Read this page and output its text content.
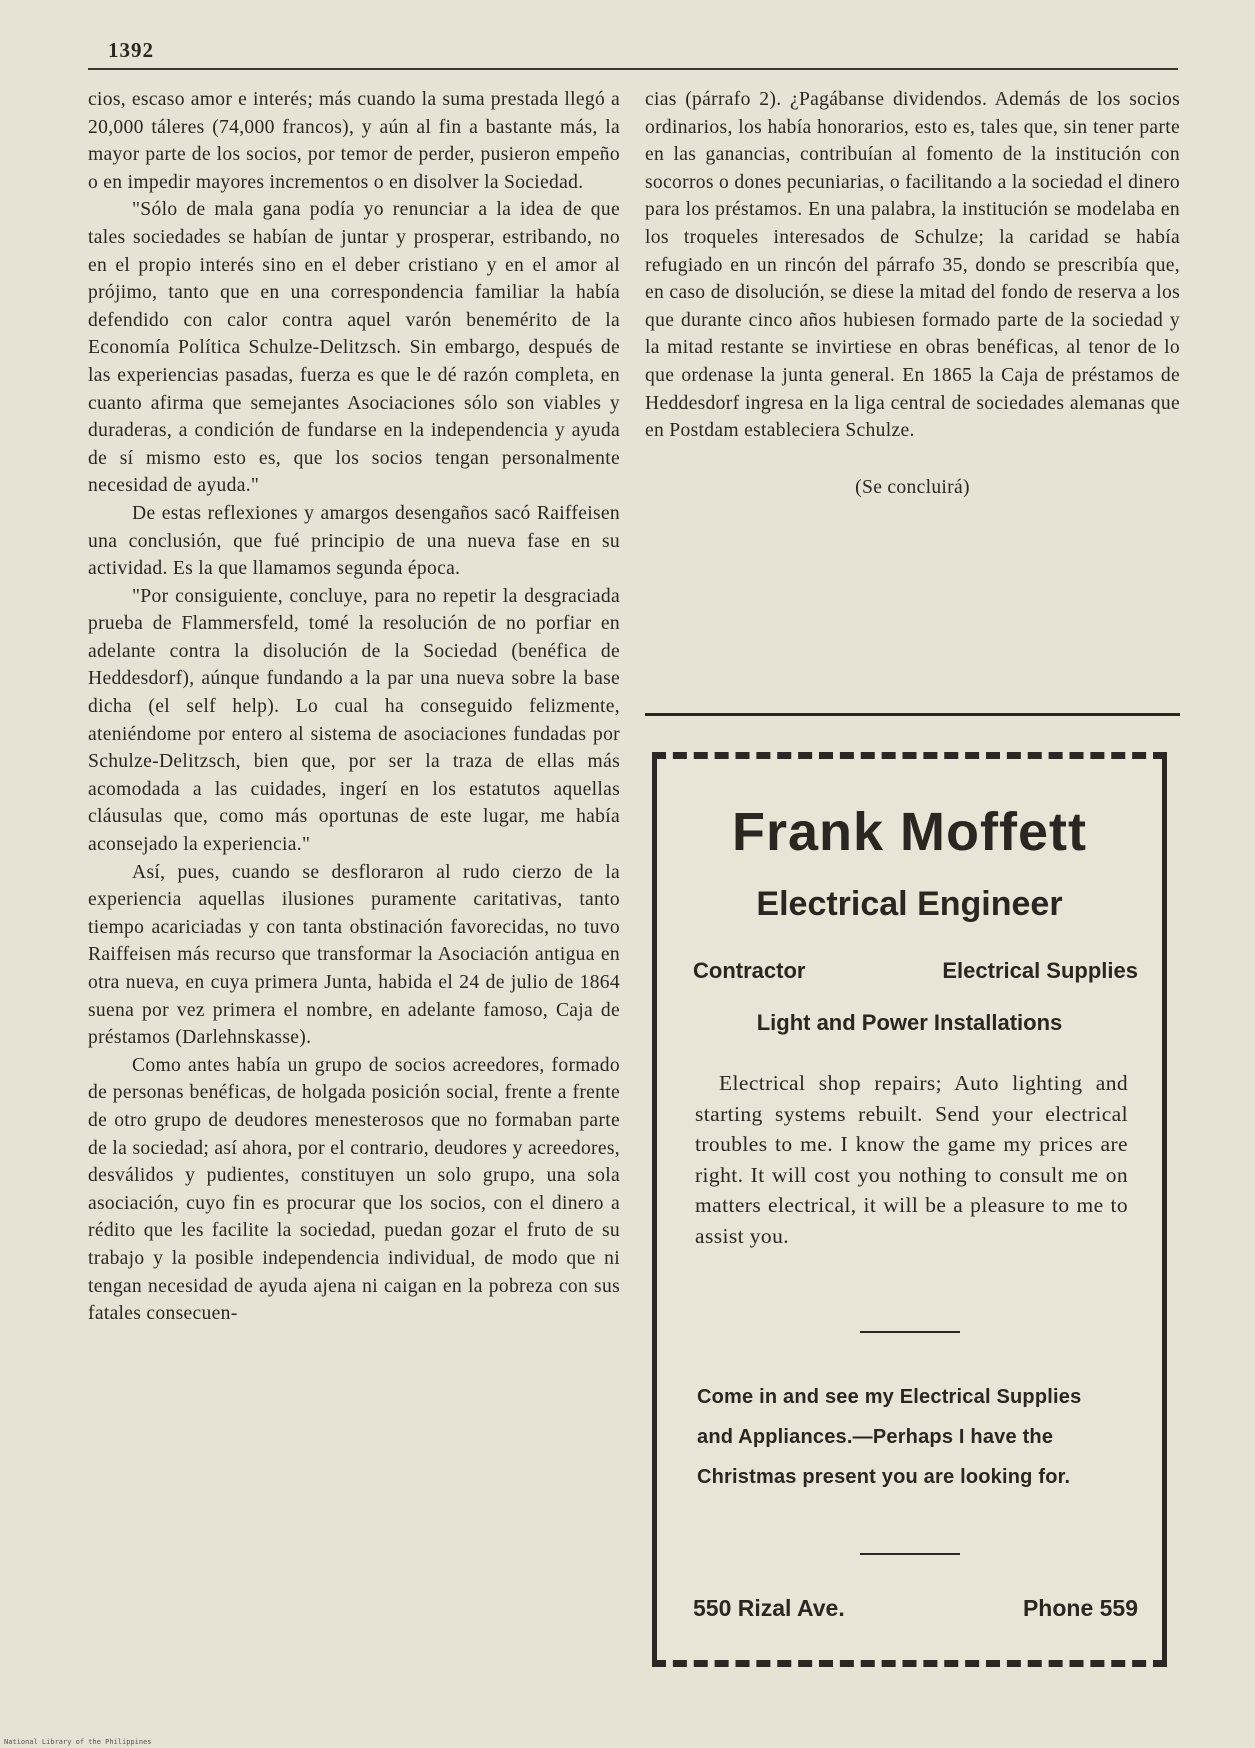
1392

cios, escaso amor e interés; más cuando la suma prestada llegó a 20,000 táleres (74,000 francos), y aún al fin a bastante más, la mayor parte de los socios, por temor de perder, pusieron empeño o en impedir mayores incrementos o en disolver la Sociedad.

"Sólo de mala gana podía yo renunciar a la idea de que tales sociedades se habían de juntar y prosperar, estribando, no en el propio interés sino en el deber cristiano y en el amor al prójimo, tanto que en una correspondencia familiar la había defendido con calor contra aquel varón benemérito de la Economía Política Schulze-Delitzsch. Sin embargo, después de las experiencias pasadas, fuerza es que le dé razón completa, en cuanto afirma que semejantes Asociaciones sólo son viables y duraderas, a condición de fundarse en la independencia y ayuda de sí mismo esto es, que los socios tengan personalmente necesidad de ayuda."

De estas reflexiones y amargos desengaños sacó Raiffeisen una conclusión, que fué principio de una nueva fase en su actividad. Es la que llamamos segunda época.

"Por consiguiente, concluye, para no repetir la desgraciada prueba de Flammersfeld, tomé la resolución de no porfiar en adelante contra la disolución de la Sociedad (benéfica de Heddesdorf), aúnque fundando a la par una nueva sobre la base dicha (el self help). Lo cual ha conseguido felizmente, ateniéndome por entero al sistema de asociaciones fundadas por Schulze-Delitzsch, bien que, por ser la traza de ellas más acomodada a las cuidades, ingerí en los estatutos aquellas cláusulas que, como más oportunas de este lugar, me había aconsejado la experiencia."

Así, pues, cuando se desfloraron al rudo cierzo de la experiencia aquellas ilusiones puramente caritativas, tanto tiempo acariciadas y con tanta obstinación favorecidas, no tuvo Raiffeisen más recurso que transformar la Asociación antigua en otra nueva, en cuya primera Junta, habida el 24 de julio de 1864 suena por vez primera el nombre, en adelante famoso, Caja de préstamos (Darlehnskasse).

Como antes había un grupo de socios acreedores, formado de personas benéficas, de holgada posición social, frente a frente de otro grupo de deudores menesterosos que no formaban parte de la sociedad; así ahora, por el contrario, deudores y acreedores, desválidos y pudientes, constituyen un solo grupo, una sola asociación, cuyo fin es procurar que los socios, con el dinero a rédito que les facilite la sociedad, puedan gozar el fruto de su trabajo y la posible independencia individual, de modo que ni tengan necesidad de ayuda ajena ni caigan en la pobreza con sus fatales consecuen-

cias (párrafo 2). ¿Pagábanse dividendos. Además de los socios ordinarios, los había honorarios, esto es, tales que, sin tener parte en las ganancias, contribuían al fomento de la institución con socorros o dones pecuniarias, o facilitando a la sociedad el dinero para los préstamos. En una palabra, la institución se modelaba en los troqueles interesados de Schulze; la caridad se había refugiado en un rincón del párrafo 35, dondo se prescribía que, en caso de disolución, se diese la mitad del fondo de reserva a los que durante cinco años hubiesen formado parte de la sociedad y la mitad restante se invirtiese en obras benéficas, al tenor de lo que ordenase la junta general. En 1865 la Caja de préstamos de Heddesdorf ingresa en la liga central de sociedades alemanas que en Postdam estableciera Schulze.

(Se concluirá)
Frank Moffett
Electrical Engineer
Contractor	Electrical Supplies
Light and Power Installations
Electrical shop repairs; Auto lighting and starting systems rebuilt. Send your electrical troubles to me. I know the game my prices are right. It will cost you nothing to consult me on matters electrical, it will be a pleasure to me to assist you.
Come in and see my Electrical Supplies
and Appliances.—Perhaps I have the
Christmas present you are looking for.
550 Rizal Ave.	Phone 559
National Library of the Philippines
